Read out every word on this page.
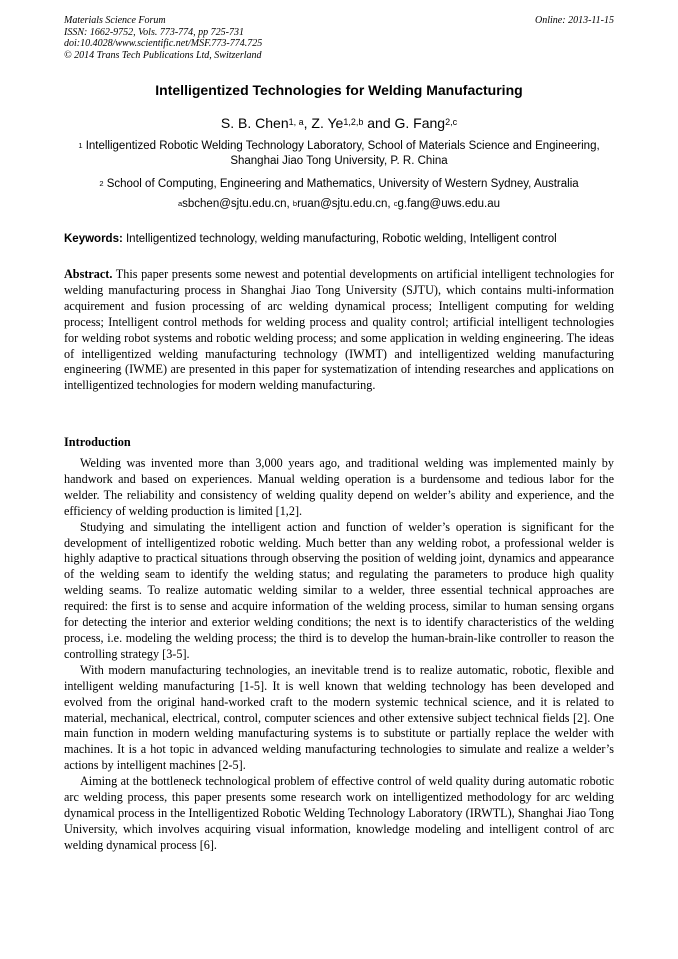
Materials Science Forum
ISSN: 1662-9752, Vols. 773-774, pp 725-731
doi:10.4028/www.scientific.net/MSF.773-774.725
© 2014 Trans Tech Publications Ltd, Switzerland
Online: 2013-11-15
Intelligentized Technologies for Welding Manufacturing
S. B. Chen$^{1, a}$, Z. Ye$^{1,2,b}$ and G. Fang$^{2,c}$
$^1$ Intelligentized Robotic Welding Technology Laboratory, School of Materials Science and Engineering, Shanghai Jiao Tong University, P. R. China
$^2$ School of Computing, Engineering and Mathematics, University of Western Sydney, Australia
$^a$sbchen@sjtu.edu.cn, $^b$ruan@sjtu.edu.cn, $^c$g.fang@uws.edu.au
Keywords: Intelligentized technology, welding manufacturing, Robotic welding, Intelligent control
Abstract. This paper presents some newest and potential developments on artificial intelligent technologies for welding manufacturing process in Shanghai Jiao Tong University (SJTU), which contains multi-information acquirement and fusion processing of arc welding dynamical process; Intelligent computing for welding process; Intelligent control methods for welding process and quality control; artificial intelligent technologies for welding robot systems and robotic welding process; and some application in welding engineering. The ideas of intelligentized welding manufacturing technology (IWMT) and intelligentized welding manufacturing engineering (IWME) are presented in this paper for systematization of intending researches and applications on intelligentized technologies for modern welding manufacturing.
Introduction

Welding was invented more than 3,000 years ago, and traditional welding was implemented mainly by handwork and based on experiences. Manual welding operation is a burdensome and tedious labor for the welder. The reliability and consistency of welding quality depend on welder’s ability and experience, and the efficiency of welding production is limited [1,2].

Studying and simulating the intelligent action and function of welder’s operation is significant for the development of intelligentized robotic welding. Much better than any welding robot, a professional welder is highly adaptive to practical situations through observing the position of welding joint, dynamics and appearance of the welding seam to identify the welding status; and regulating the parameters to produce high quality welding seams. To realize automatic welding similar to a welder, three essential technical approaches are required: the first is to sense and acquire information of the welding process, similar to human sensing organs for detecting the interior and exterior welding conditions; the next is to identify characteristics of the welding process, i.e. modeling the welding process; the third is to develop the human-brain-like controller to reason the controlling strategy [3-5].

With modern manufacturing technologies, an inevitable trend is to realize automatic, robotic, flexible and intelligent welding manufacturing [1-5]. It is well known that welding technology has been developed and evolved from the original hand-worked craft to the modern systemic technical science, and it is related to material, mechanical, electrical, control, computer sciences and other extensive subject technical fields [2]. One main function in modern welding manufacturing systems is to substitute or partially replace the welder with machines. It is a hot topic in advanced welding manufacturing technologies to simulate and realize a welder’s actions by intelligent machines [2-5].

Aiming at the bottleneck technological problem of effective control of weld quality during automatic robotic arc welding process, this paper presents some research work on intelligentized methodology for arc welding dynamical process in the Intelligentized Robotic Welding Technology Laboratory (IRWTL), Shanghai Jiao Tong University, which involves acquiring visual information, knowledge modeling and intelligent control of arc welding dynamical process [6].
